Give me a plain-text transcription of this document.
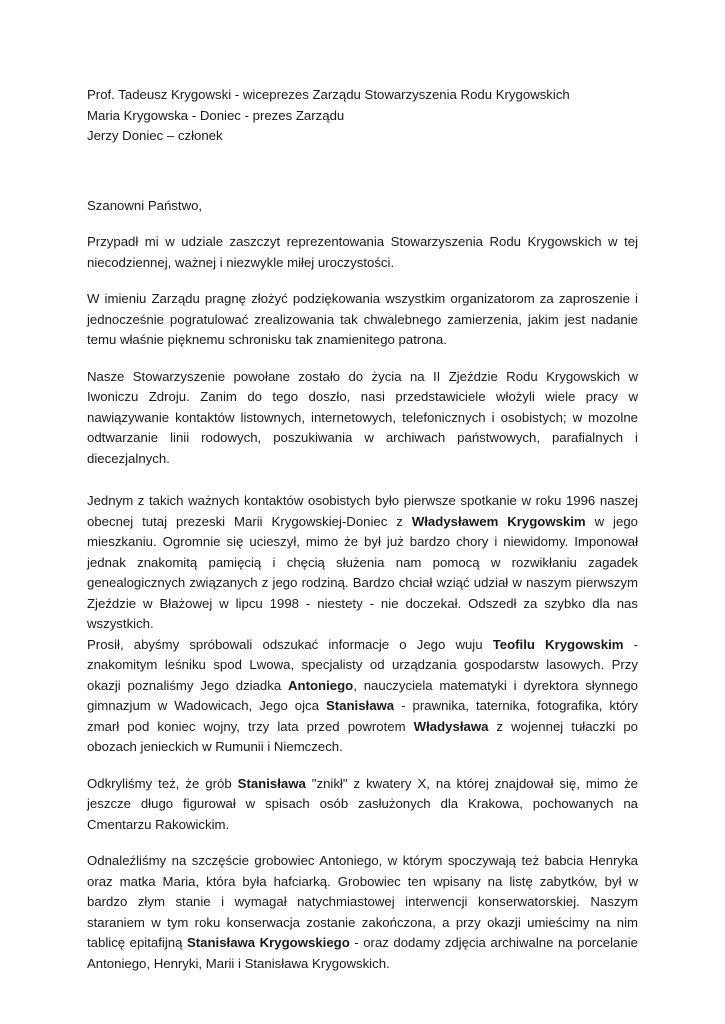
Prof. Tadeusz Krygowski - wiceprezes Zarządu Stowarzyszenia Rodu Krygowskich

Maria Krygowska - Doniec - prezes Zarządu

Jerzy Doniec – członek

Szanowni Państwo,

Przypadł mi w udziale zaszczyt reprezentowania Stowarzyszenia Rodu Krygowskich w tej niecodziennej, ważnej i niezwykle miłej uroczystości.

W imieniu Zarządu pragnę złożyć podziękowania wszystkim organizatorom za zaproszenie i jednocześnie pogratulować zrealizowania tak chwalebnego zamierzenia, jakim jest nadanie temu właśnie pięknemu schronisku tak znamienitego patrona.

Nasze Stowarzyszenie powołane zostało do życia na II Zjeździe Rodu Krygowskich w Iwoniczu Zdroju. Zanim do tego doszło, nasi przedstawiciele włożyli wiele pracy w nawiązywanie kontaktów listownych, internetowych, telefonicznych i osobistych; w mozolne odtwarzanie linii rodowych, poszukiwania w archiwach państwowych, parafialnych i diecezjalnych.

Jednym z takich ważnych kontaktów osobistych było pierwsze spotkanie w roku 1996 naszej obecnej tutaj prezeski Marii Krygowskiej-Doniec z Władysławem Krygowskim w jego mieszkaniu. Ogromnie się ucieszył, mimo że był już bardzo chory i niewidomy. Imponował jednak znakomitą pamięcią i chęcią służenia nam pomocą w rozwikłaniu zagadek genealogicznych związanych z jego rodziną. Bardzo chciał wziąć udział w naszym pierwszym Zjeździe w Błażowej w lipcu 1998 - niestety - nie doczekał. Odszedł za szybko dla nas wszystkich.

Prosił, abyśmy spróbowali odszukać informacje o Jego wuju Teofilu Krygowskim - znakomitym leśniku spod Lwowa, specjalisty od urządzania gospodarstw lasowych. Przy okazji poznaliśmy Jego dziadka Antoniego, nauczyciela matematyki i dyrektora słynnego gimnazjum w Wadowicach, Jego ojca Stanisława - prawnika, taternika, fotografika, który zmarł pod koniec wojny, trzy lata przed powrotem Władysława z wojennej tułaczki po obozach jenieckich w Rumunii i Niemczech.

Odkryliśmy też, że grób Stanisława "znikł" z kwatery X, na której znajdował się, mimo że jeszcze długo figurował w spisach osób zasłużonych dla Krakowa, pochowanych na Cmentarzu Rakowickim.

Odnaleźliśmy na szczęście grobowiec Antoniego, w którym spoczywają też babcia Henryka oraz matka Maria, która była hafciarką. Grobowiec ten wpisany na listę zabytków, był w bardzo złym stanie i wymagał natychmiastowej interwencji konserwatorskiej. Naszym staraniem w tym roku konserwacja zostanie zakończona, a przy okazji umieścimy na nim tablicę epitafijną Stanisława Krygowskiego - oraz dodamy zdjęcia archiwalne na porcelanie Antoniego, Henryki, Marii i Stanisława Krygowskich.
